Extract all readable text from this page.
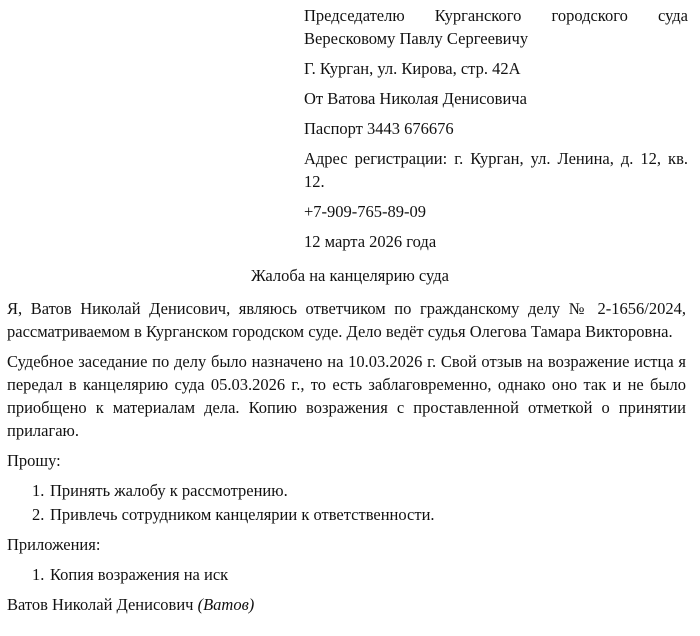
Председателю Курганского городского суда Вересковому Павлу Сергеевичу
Г. Курган, ул. Кирова, стр. 42А
От Ватова Николая Денисовича
Паспорт 3443 676676
Адрес регистрации: г. Курган, ул. Ленина, д. 12, кв. 12.
+7-909-765-89-09
12 марта 2026 года
Жалоба на канцелярию суда

Я, Ватов Николай Денисович, являюсь ответчиком по гражданскому делу № 2-1656/2024, рассматриваемом в Курганском городском суде. Дело ведёт судья Олегова Тамара Викторовна.

Судебное заседание по делу было назначено на 10.03.2026 г. Свой отзыв на возражение истца я передал в канцелярию суда 05.03.2026 г., то есть заблаговременно, однако оно так и не было приобщено к материалам дела. Копию возражения с проставленной отметкой о принятии прилагаю.

Прошу:
1. Принять жалобу к рассмотрению.
2. Привлечь сотрудником канцелярии к ответственности.
Приложения:
1. Копия возражения на иск

Ватов Николай Денисович (Ватов)
